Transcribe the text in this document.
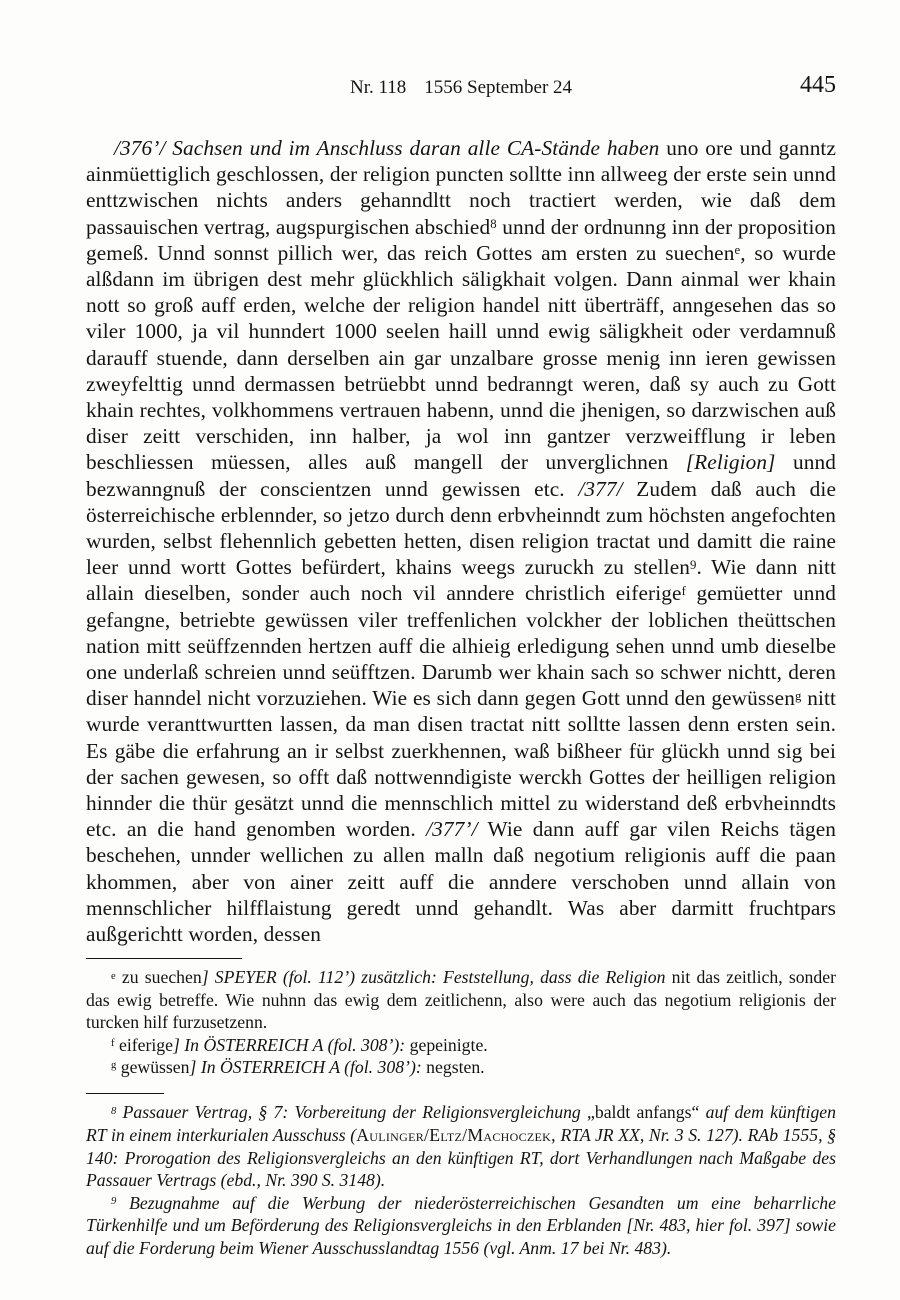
Nr. 118 1556 September 24	445

/376’/ Sachsen und im Anschluss daran alle CA-Stände haben uno ore und ganntz ainmüettiglich geschlossen, der religion puncten solltte inn allweeg der erste sein unnd enttzwischen nichts anders gehanndltt noch tractiert werden, wie daß dem passauischen vertrag, augspurgischen abschied$^8$ unnd der ordnunng inn der proposition gemeß. Unnd sonnst pillich wer, das reich Gottes am ersten zu suechen$^e$, so wurde alßdann im übrigen dest mehr glückhlich säligkhait volgen. Dann ainmal wer khain nott so groß auff erden, welche der religion handel nitt überträff, anngesehen das so viler 1000, ja vil hunndert 1000 seelen haill unnd ewig säligkheit oder verdamnuß darauff stuende, dann derselben ain gar unzalbare grosse menig inn ieren gewissen zweyfelttig unnd dermassen betrüebbt unnd bedranngt weren, daß sy auch zu Gott khain rechtes, volkhommens vertrauen habenn, unnd die jhenigen, so darzwischen auß diser zeitt verschiden, inn halber, ja wol inn gantzer verzweifflung ir leben beschliessen müessen, alles auß mangell der unverglichnen [Religion] unnd bezwanngnuß der conscientzen unnd gewissen etc. /377/ Zudem daß auch die österreichische erblennder, so jetzo durch denn erbvheinndt zum höchsten angefochten wurden, selbst flehennlich gebetten hetten, disen religion tractat und damitt die raine leer unnd wortt Gottes befürdert, khains weegs zuruckh zu stellen$^9$. Wie dann nitt allain dieselben, sonder auch noch vil anndere christlich eiferige$^f$ gemüetter unnd gefangne, betriebte gewüssen viler treffenlichen volckher der loblichen theüttschen nation mitt seüffzennden hertzen auff die alhieig erledigung sehen unnd umb dieselbe one underlaß schreien unnd seüfftzen. Darumb wer khain sach so schwer nichtt, deren diser hanndel nicht vorzuziehen. Wie es sich dann gegen Gott unnd den gewüssen$^g$ nitt wurde veranttwurtten lassen, da man disen tractat nitt solltte lassen denn ersten sein. Es gäbe die erfahrung an ir selbst zuerkhennen, waß bißheer für glückh unnd sig bei der sachen gewesen, so offt daß nottwenndigiste werckh Gottes der heilligen religion hinnder die thür gesätzt unnd die mennschlich mittel zu widerstand deß erbvheinndts etc. an die hand genomben worden. /377’/ Wie dann auff gar vilen Reichs tägen beschehen, unnder wellichen zu allen malln daß negotium religionis auff die paan khommen, aber von ainer zeitt auff die anndere verschoben unnd allain von mennschlicher hilfflaistung geredt unnd gehandlt. Was aber darmitt fruchtpars außgerichtt worden, dessen

$^e$ zu suechen] SPEYER (fol. 112’) zusätzlich: Feststellung, dass die Religion nit das zeitlich, sonder das ewig betreffe. Wie nuhnn das ewig dem zeitlichenn, also were auch das negotium religionis der turcken hilf furzusetzenn.

$^f$ eiferige] In ÖSTERREICH A (fol. 308’): gepeinigte.

$^g$ gewüssen] In ÖSTERREICH A (fol. 308’): negsten.

$^8$ Passauer Vertrag, § 7: Vorbereitung der Religionsvergleichung „baldt anfangs“ auf dem künftigen RT in einem interkurialen Ausschuss (Aulinger/Eltz/Machoczek, RTA JR XX, Nr. 3 S. 127). RAb 1555, § 140: Prorogation des Religionsvergleichs an den künftigen RT, dort Verhandlungen nach Maßgabe des Passauer Vertrags (ebd., Nr. 390 S. 3148).

$^9$ Bezugnahme auf die Werbung der niederösterreichischen Gesandten um eine beharrliche Türkenhilfe und um Beförderung des Religionsvergleichs in den Erblanden [Nr. 483, hier fol. 397] sowie auf die Forderung beim Wiener Ausschusslandtag 1556 (vgl. Anm. 17 bei Nr. 483).
